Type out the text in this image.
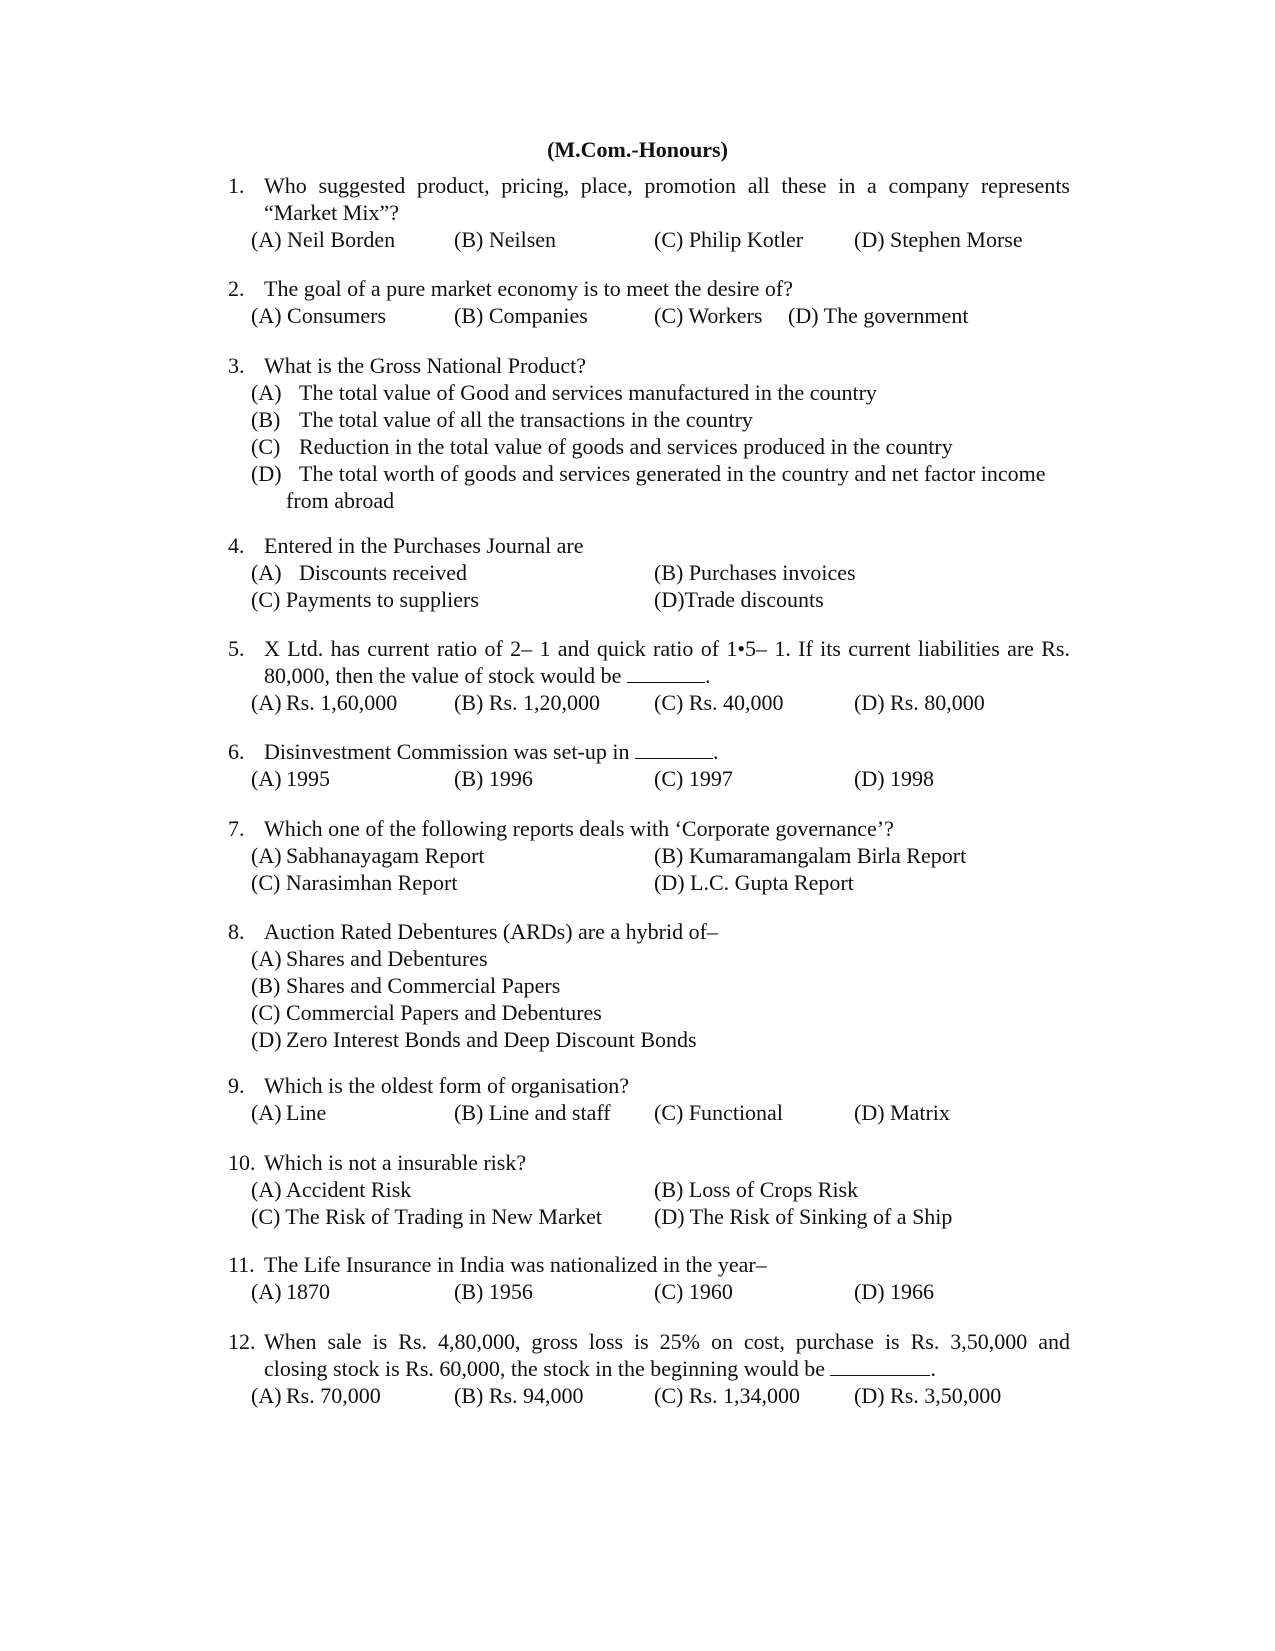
(M.Com.-Honours)
1. Who suggested product, pricing, place, promotion all these in a company represents
“Market Mix”?
(A) Neil Borden	(B) Neilsen	(C) Philip Kotler (D) Stephen Morse
2. The goal of a pure market economy is to meet the desire of?
(A) Consumers	(B) Companies	(C) Workers (D) The government
3. What is the Gross National Product?
(A) The total value of Good and services manufactured in the country
(B) The total value of all the transactions in the country
(C) Reduction in the total value of goods and services produced in the country
(D) The total worth of goods and services generated in the country and net factor income
from abroad
4. Entered in the Purchases Journal are
(A) Discounts received	(B) Purchases invoices
(C) Payments to suppliers	(D)Trade discounts
5. X Ltd. has current ratio of 2– 1 and quick ratio of 1•5– 1. If its current liabilities are Rs.
80,000, then the value of stock would be	.
(A) Rs. 1,60,000	(B) Rs. 1,20,000 (C) Rs. 40,000	(D) Rs. 80,000
6. Disinvestment Commission was set-up in	.
(A) 1995	(B) 1996	(C) 1997	(D) 1998
7. Which one of the following reports deals with ‘Corporate governance’?
(A) Sabhanayagam Report	(B) Kumaramangalam Birla Report
(C) Narasimhan Report	(D) L.C. Gupta Report
8. Auction Rated Debentures (ARDs) are a hybrid of–
(A) Shares and Debentures
(B) Shares and Commercial Papers
(C) Commercial Papers and Debentures
(D) Zero Interest Bonds and Deep Discount Bonds
9. Which is the oldest form of organisation?
(A) Line	(B) Line and staff (C) Functional	(D) Matrix
10. Which is not a insurable risk?
(A) Accident Risk	(B) Loss of Crops Risk
(C) The Risk of Trading in New Market (D) The Risk of Sinking of a Ship
11. The Life Insurance in India was nationalized in the year–
(A) 1870	(B) 1956	(C) 1960	(D) 1966
12. When sale is Rs. 4,80,000, gross loss is 25% on cost, purchase is Rs. 3,50,000 and
closing stock is Rs. 60,000, the stock in the beginning would be	.
(A) Rs. 70,000	(B) Rs. 94,000	(C) Rs. 1,34,000 (D) Rs. 3,50,000
